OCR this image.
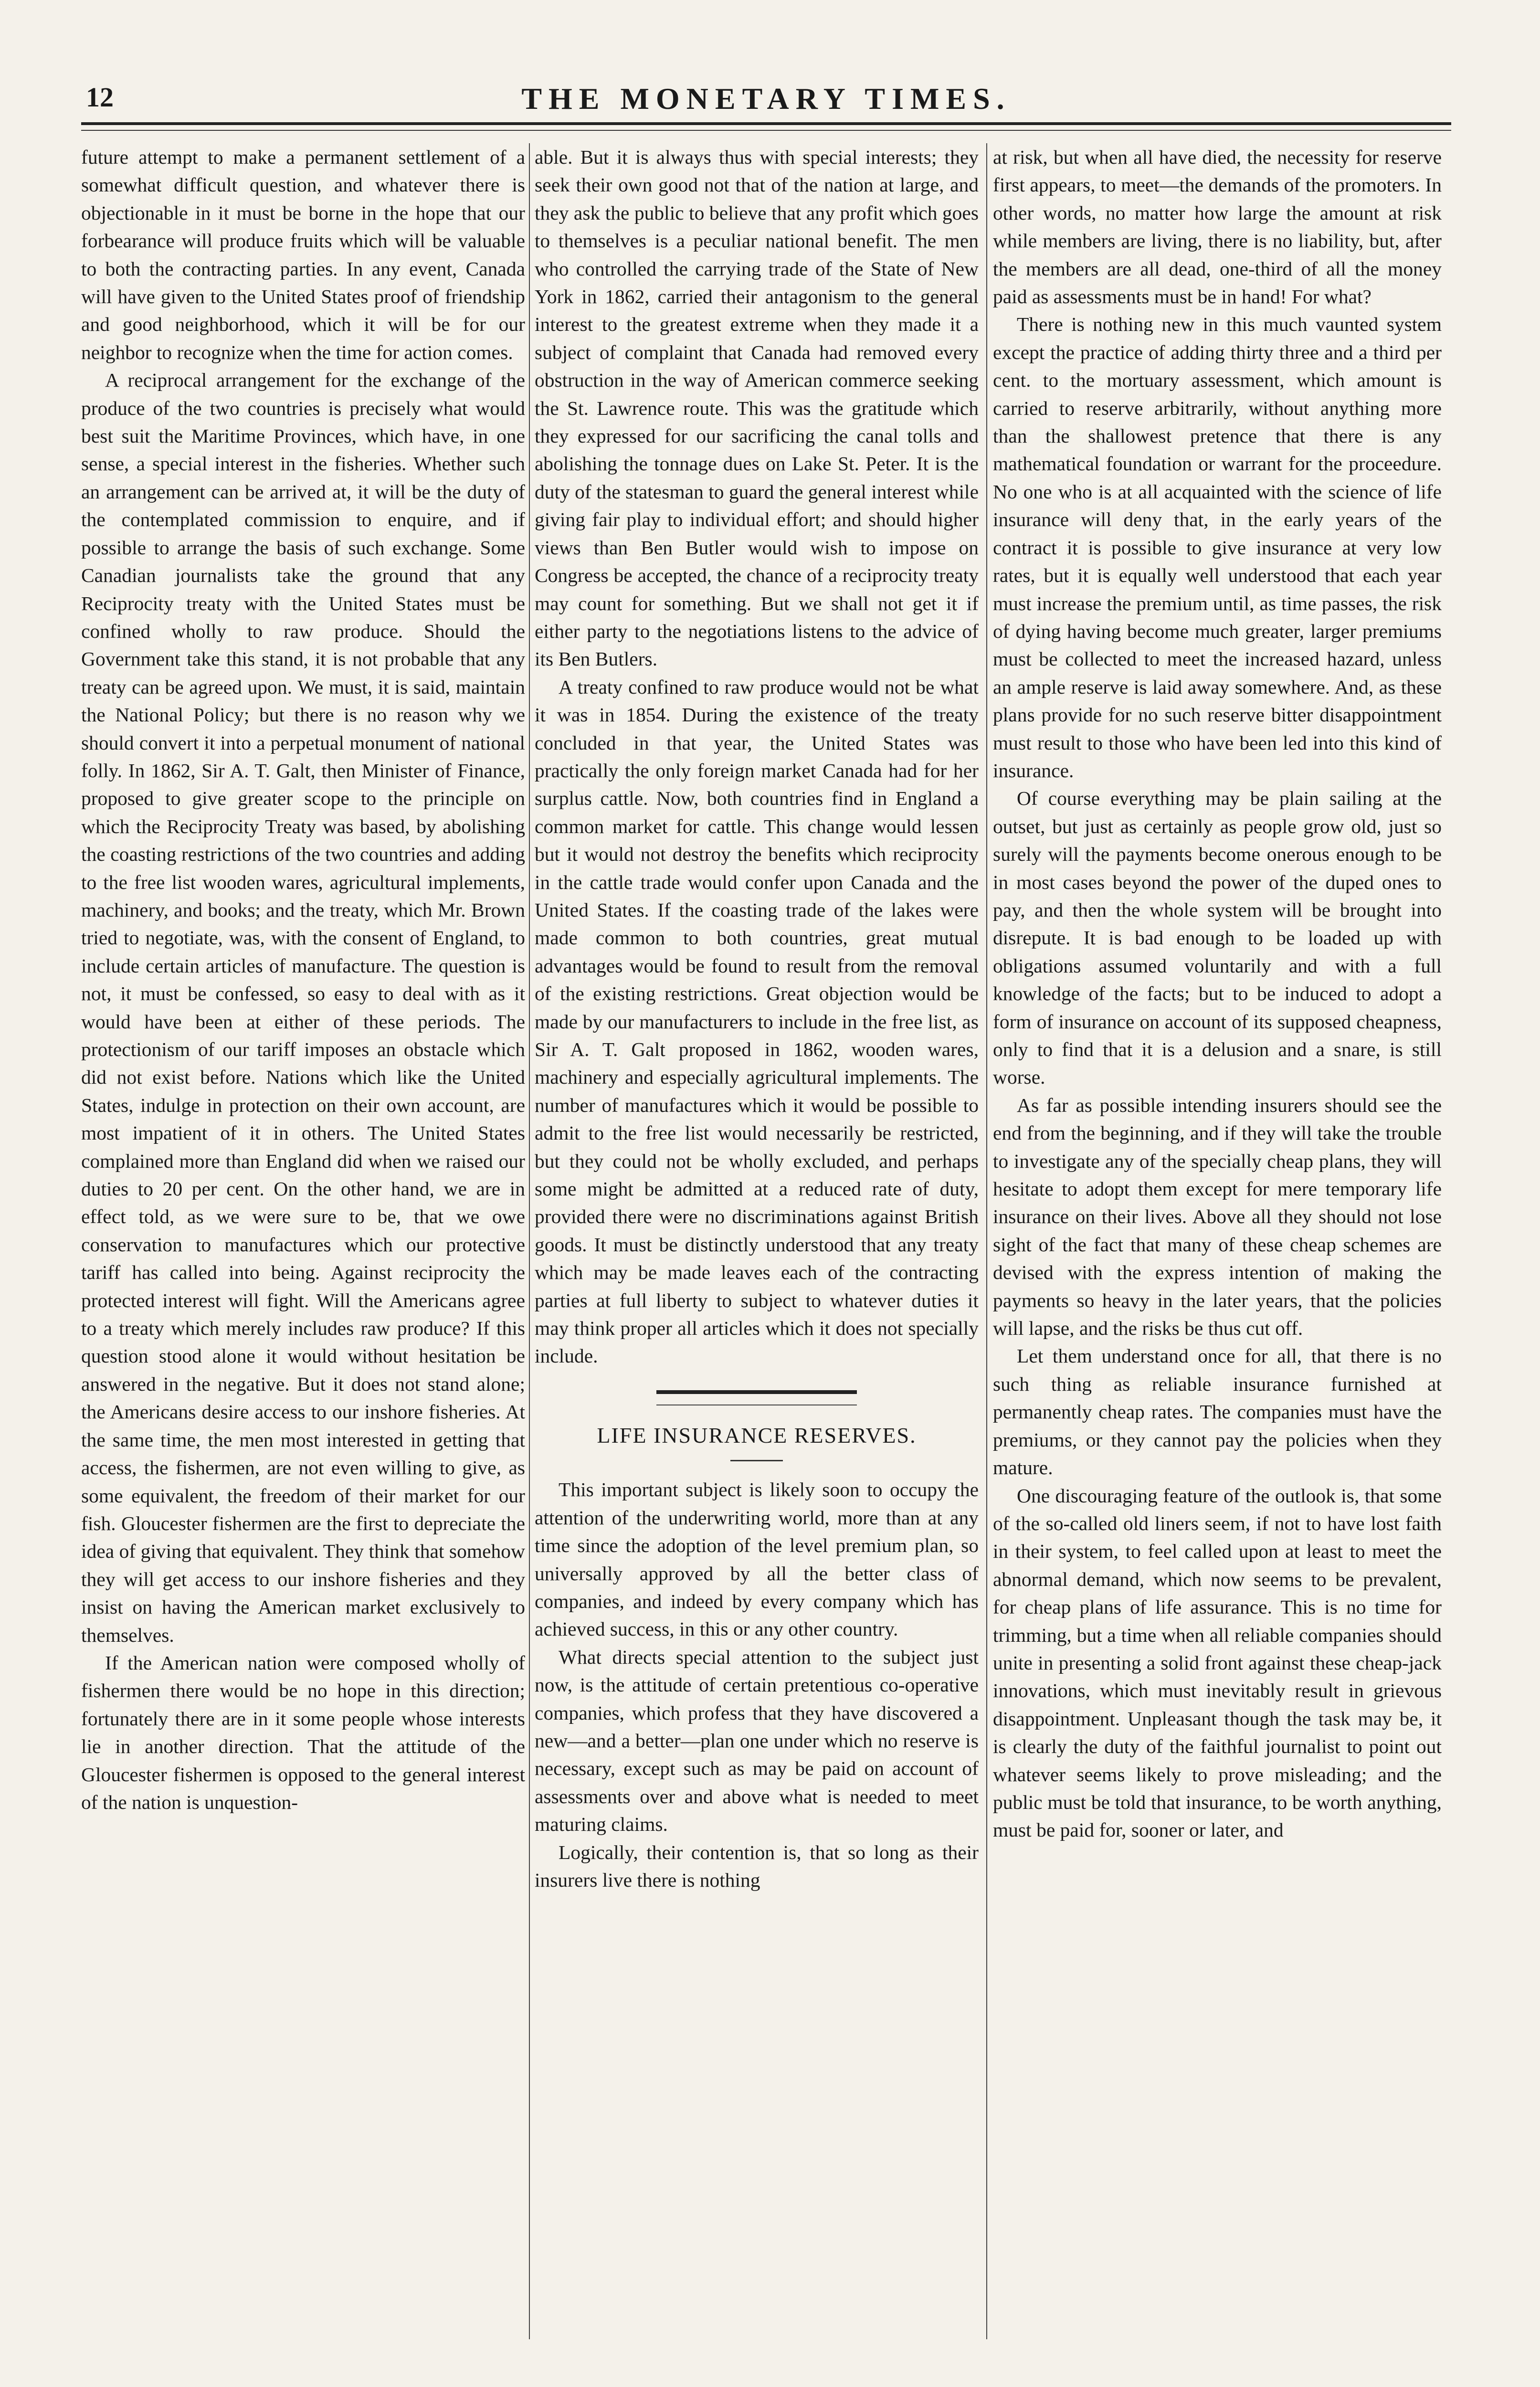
12	THE MONETARY TIMES.

future attempt to make a permanent settlement of a somewhat difficult question, and whatever there is objectionable in it must be borne in the hope that our forbearance will produce fruits which will be valuable to both the contracting parties. In any event, Canada will have given to the United States proof of friendship and good neighborhood, which it will be for our neighbor to recognize when the time for action comes.

A reciprocal arrangement for the exchange of the produce of the two countries is precisely what would best suit the Maritime Provinces, which have, in one sense, a special interest in the fisheries. Whether such an arrangement can be arrived at, it will be the duty of the contemplated commission to enquire, and if possible to arrange the basis of such exchange. Some Canadian journalists take the ground that any Reciprocity treaty with the United States must be confined wholly to raw produce. Should the Government take this stand, it is not probable that any treaty can be agreed upon. We must, it is said, maintain the National Policy; but there is no reason why we should convert it into a perpetual monument of national folly. In 1862, Sir A. T. Galt, then Minister of Finance, proposed to give greater scope to the principle on which the Reciprocity Treaty was based, by abolishing the coasting restrictions of the two countries and adding to the free list wooden wares, agricultural implements, machinery, and books; and the treaty, which Mr. Brown tried to negotiate, was, with the consent of England, to include certain articles of manufacture. The question is not, it must be confessed, so easy to deal with as it would have been at either of these periods. The protectionism of our tariff imposes an obstacle which did not exist before. Nations which like the United States, indulge in protection on their own account, are most impatient of it in others. The United States complained more than England did when we raised our duties to 20 per cent. On the other hand, we are in effect told, as we were sure to be, that we owe conservation to manufactures which our protective tariff has called into being. Against reciprocity the protected interest will fight. Will the Americans agree to a treaty which merely includes raw produce? If this question stood alone it would without hesitation be answered in the negative. But it does not stand alone; the Americans desire access to our inshore fisheries. At the same time, the men most interested in getting that access, the fishermen, are not even willing to give, as some equivalent, the freedom of their market for our fish. Gloucester fishermen are the first to depreciate the idea of giving that equivalent. They think that somehow they will get access to our inshore fisheries and they insist on having the American market exclusively to themselves.

If the American nation were composed wholly of fishermen there would be no hope in this direction; fortunately there are in it some people whose interests lie in another direction. That the attitude of the Gloucester fishermen is opposed to the general interest of the nation is unquestion-

able. But it is always thus with special interests; they seek their own good not that of the nation at large, and they ask the public to believe that any profit which goes to themselves is a peculiar national benefit. The men who controlled the carrying trade of the State of New York in 1862, carried their antagonism to the general interest to the greatest extreme when they made it a subject of complaint that Canada had removed every obstruction in the way of American commerce seeking the St. Lawrence route. This was the gratitude which they expressed for our sacrificing the canal tolls and abolishing the tonnage dues on Lake St. Peter. It is the duty of the statesman to guard the general interest while giving fair play to individual effort; and should higher views than Ben Butler would wish to impose on Congress be accepted, the chance of a reciprocity treaty may count for something. But we shall not get it if either party to the negotiations listens to the advice of its Ben Butlers.

A treaty confined to raw produce would not be what it was in 1854. During the existence of the treaty concluded in that year, the United States was practically the only foreign market Canada had for her surplus cattle. Now, both countries find in England a common market for cattle. This change would lessen but it would not destroy the benefits which reciprocity in the cattle trade would confer upon Canada and the United States. If the coasting trade of the lakes were made common to both countries, great mutual advantages would be found to result from the removal of the existing restrictions. Great objection would be made by our manufacturers to include in the free list, as Sir A. T. Galt proposed in 1862, wooden wares, machinery and especially agricultural implements. The number of manufactures which it would be possible to admit to the free list would necessarily be restricted, but they could not be wholly excluded, and perhaps some might be admitted at a reduced rate of duty, provided there were no discriminations against British goods. It must be distinctly understood that any treaty which may be made leaves each of the contracting parties at full liberty to subject to whatever duties it may think proper all articles which it does not specially include.

LIFE INSURANCE RESERVES.

This important subject is likely soon to occupy the attention of the underwriting world, more than at any time since the adoption of the level premium plan, so universally approved by all the better class of companies, and indeed by every company which has achieved success, in this or any other country.

What directs special attention to the subject just now, is the attitude of certain pretentious co-operative companies, which profess that they have discovered a new—and a better—plan one under which no reserve is necessary, except such as may be paid on account of assessments over and above what is needed to meet maturing claims.

Logically, their contention is, that so long as their insurers live there is nothing

at risk, but when all have died, the necessity for reserve first appears, to meet—the demands of the promoters. In other words, no matter how large the amount at risk while members are living, there is no liability, but, after the members are all dead, one-third of all the money paid as assessments must be in hand! For what?

There is nothing new in this much vaunted system except the practice of adding thirty three and a third per cent. to the mortuary assessment, which amount is carried to reserve arbitrarily, without anything more than the shallowest pretence that there is any mathematical foundation or warrant for the proceedure. No one who is at all acquainted with the science of life insurance will deny that, in the early years of the contract it is possible to give insurance at very low rates, but it is equally well understood that each year must increase the premium until, as time passes, the risk of dying having become much greater, larger premiums must be collected to meet the increased hazard, unless an ample reserve is laid away somewhere. And, as these plans provide for no such reserve bitter disappointment must result to those who have been led into this kind of insurance.

Of course everything may be plain sailing at the outset, but just as certainly as people grow old, just so surely will the payments become onerous enough to be in most cases beyond the power of the duped ones to pay, and then the whole system will be brought into disrepute. It is bad enough to be loaded up with obligations assumed voluntarily and with a full knowledge of the facts; but to be induced to adopt a form of insurance on account of its supposed cheapness, only to find that it is a delusion and a snare, is still worse.

As far as possible intending insurers should see the end from the beginning, and if they will take the trouble to investigate any of the specially cheap plans, they will hesitate to adopt them except for mere temporary life insurance on their lives. Above all they should not lose sight of the fact that many of these cheap schemes are devised with the express intention of making the payments so heavy in the later years, that the policies will lapse, and the risks be thus cut off.

Let them understand once for all, that there is no such thing as reliable insurance furnished at permanently cheap rates. The companies must have the premiums, or they cannot pay the policies when they mature.

One discouraging feature of the outlook is, that some of the so-called old liners seem, if not to have lost faith in their system, to feel called upon at least to meet the abnormal demand, which now seems to be prevalent, for cheap plans of life assurance. This is no time for trimming, but a time when all reliable companies should unite in presenting a solid front against these cheap-jack innovations, which must inevitably result in grievous disappointment. Unpleasant though the task may be, it is clearly the duty of the faithful journalist to point out whatever seems likely to prove misleading; and the public must be told that insurance, to be worth anything, must be paid for, sooner or later, and
